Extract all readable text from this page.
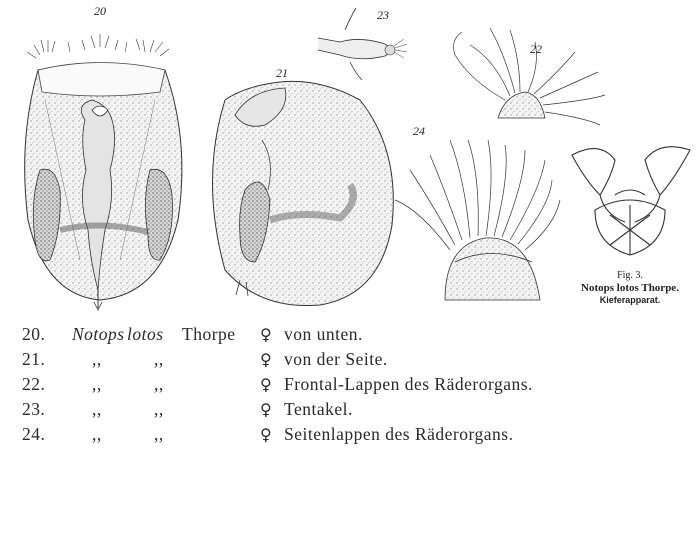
20
21
23
22
24
Fig. 3.
Notops lotos Thorpe.
Kieferapparat.
20. Notops lotos Thorpe ♀ von unten.
21.	,,	,,	♀ von der Seite.
22.	,,	,,	♀ Frontal-Lappen des Räderorgans.
23.	,,	,,	♀ Tentakel.
24.	,,	,,	♀ Seitenlappen des Räderorgans.
